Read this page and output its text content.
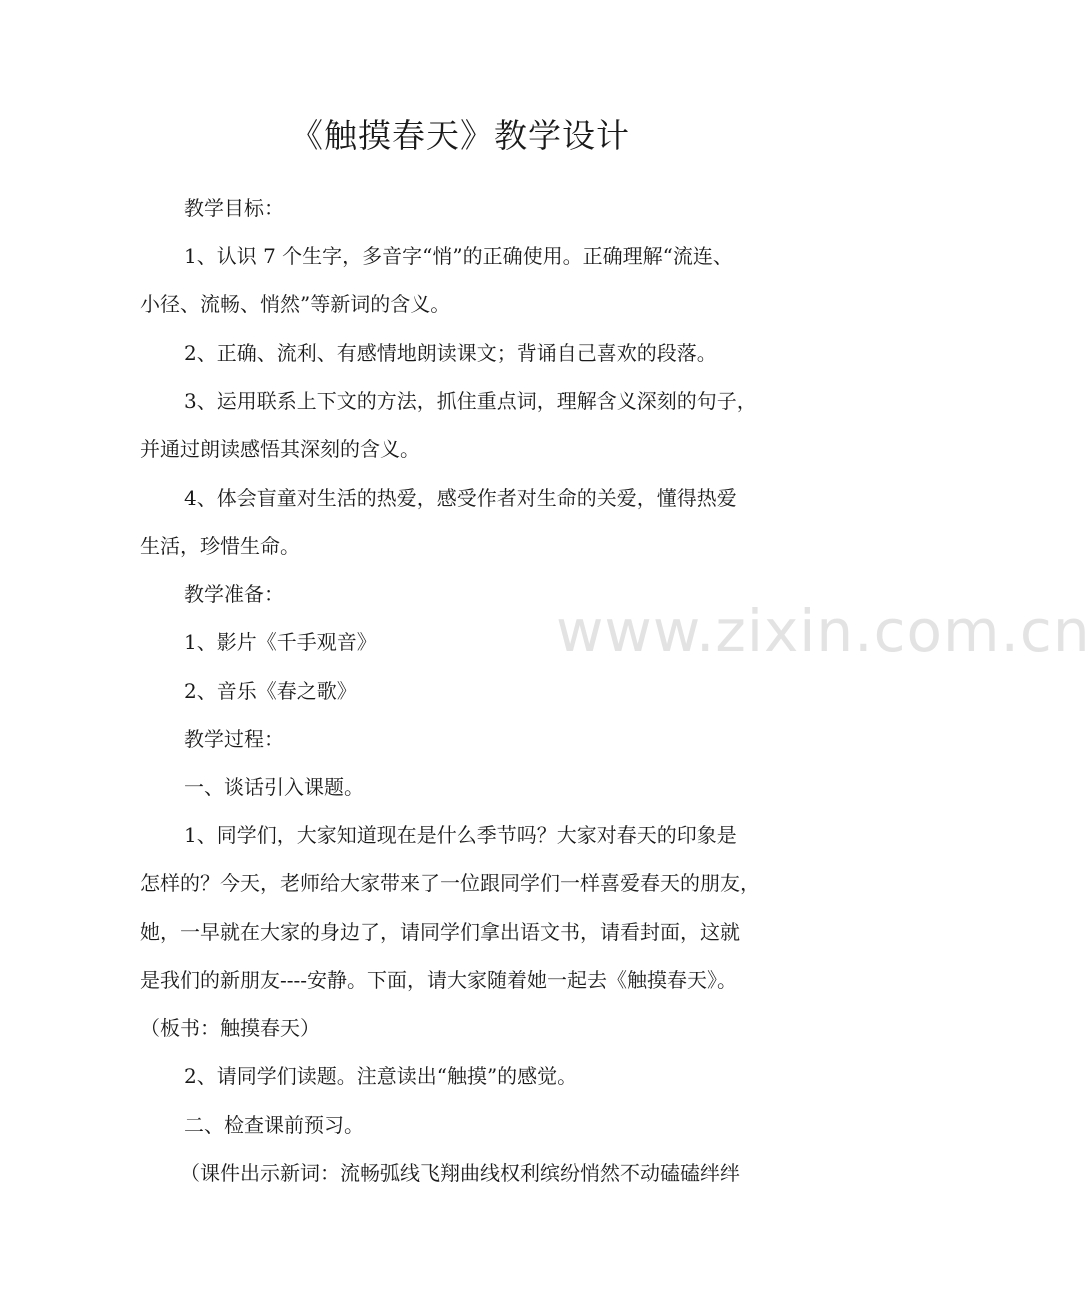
www.zixin.com.cn
《触摸春天》教学设计
教学目标：
1、认识 7 个生字，多音字“悄”的正确使用。正确理解“流连、
小径、流畅、悄然”等新词的含义。
2、正确、流利、有感情地朗读课文；背诵自己喜欢的段落。
3、运用联系上下文的方法，抓住重点词，理解含义深刻的句子，
并通过朗读感悟其深刻的含义。
4、体会盲童对生活的热爱，感受作者对生命的关爱，懂得热爱
生活，珍惜生命。
教学准备：
1、影片《千手观音》
2、音乐《春之歌》
教学过程：
一、谈话引入课题。
1、同学们，大家知道现在是什么季节吗？大家对春天的印象是
怎样的？今天，老师给大家带来了一位跟同学们一样喜爱春天的朋友，
她，一早就在大家的身边了，请同学们拿出语文书，请看封面，这就
是我们的新朋友----安静。下面，请大家随着她一起去《触摸春天》。
（板书：触摸春天）
2、请同学们读题。注意读出“触摸”的感觉。
二、检查课前预习。
（课件出示新词：流畅弧线飞翔曲线权利缤纷悄然不动磕磕绊绊
